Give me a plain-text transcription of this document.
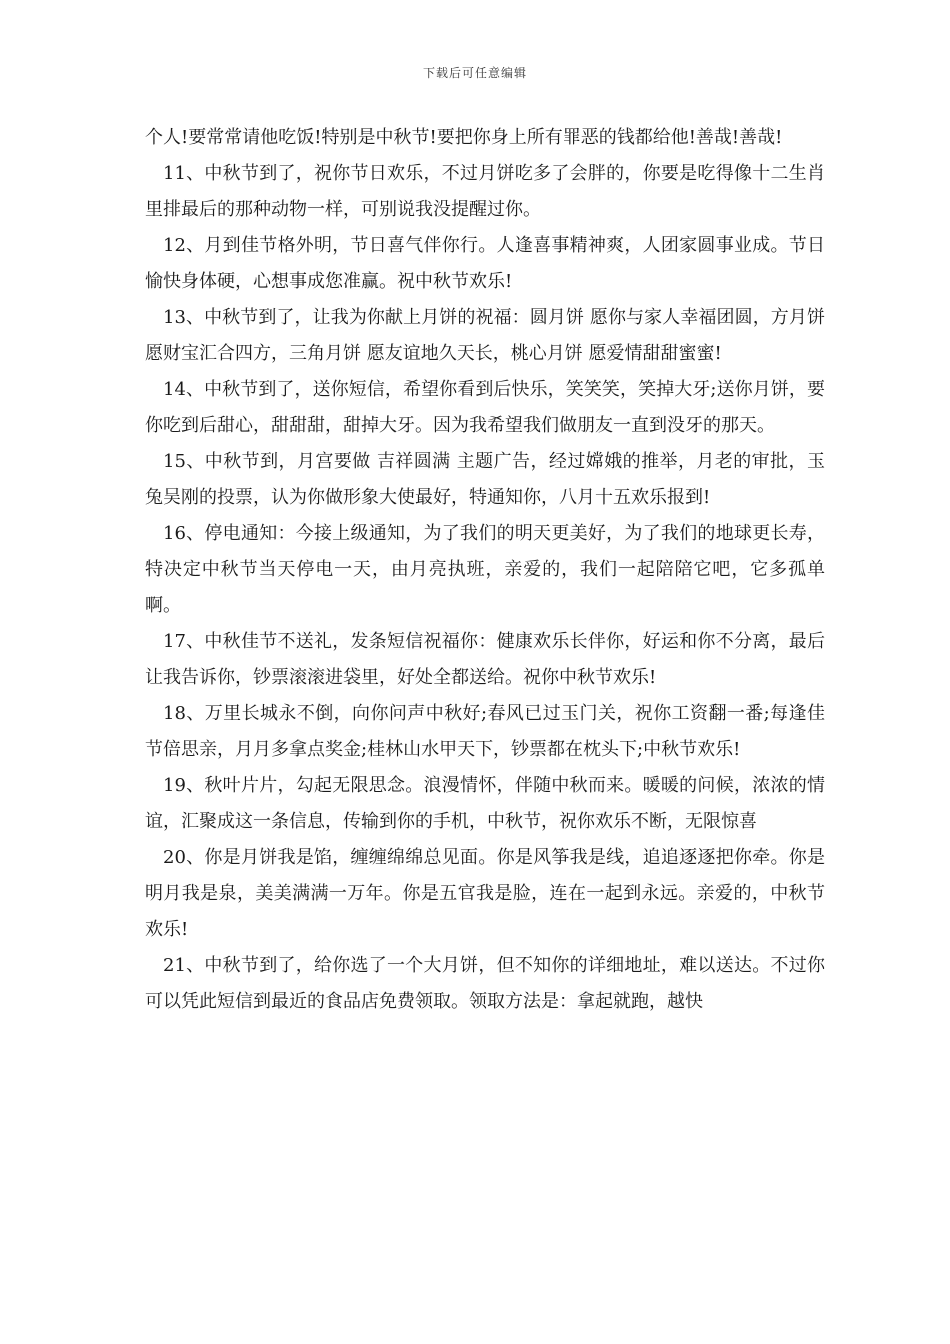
下载后可任意编辑

个人!要常常请他吃饭!特别是中秋节!要把你身上所有罪恶的钱都给他!善哉!善哉!

11、中秋节到了，祝你节日欢乐，不过月饼吃多了会胖的，你要是吃得像十二生肖里排最后的那种动物一样，可别说我没提醒过你。

12、月到佳节格外明，节日喜气伴你行。人逢喜事精神爽，人团家圆事业成。节日愉快身体硬，心想事成您准赢。祝中秋节欢乐!

13、中秋节到了，让我为你献上月饼的祝福：圆月饼 愿你与家人幸福团圆，方月饼 愿财宝汇合四方，三角月饼 愿友谊地久天长，桃心月饼 愿爱情甜甜蜜蜜!

14、中秋节到了，送你短信，希望你看到后快乐，笑笑笑，笑掉大牙;送你月饼，要你吃到后甜心，甜甜甜，甜掉大牙。因为我希望我们做朋友一直到没牙的那天。

15、中秋节到，月宫要做 吉祥圆满 主题广告，经过嫦娥的推举，月老的审批，玉兔吴刚的投票，认为你做形象大使最好，特通知你，八月十五欢乐报到!

16、停电通知：今接上级通知，为了我们的明天更美好，为了我们的地球更长寿，特决定中秋节当天停电一天，由月亮执班，亲爱的，我们一起陪陪它吧，它多孤单啊。

17、中秋佳节不送礼，发条短信祝福你：健康欢乐长伴你，好运和你不分离，最后让我告诉你，钞票滚滚进袋里，好处全都送给。祝你中秋节欢乐!

18、万里长城永不倒，向你问声中秋好;春风已过玉门关，祝你工资翻一番;每逢佳节倍思亲，月月多拿点奖金;桂林山水甲天下，钞票都在枕头下;中秋节欢乐!

19、秋叶片片，勾起无限思念。浪漫情怀，伴随中秋而来。暖暖的问候，浓浓的情谊，汇聚成这一条信息，传输到你的手机，中秋节，祝你欢乐不断，无限惊喜

20、你是月饼我是馅，缠缠绵绵总见面。你是风筝我是线，追追逐逐把你牵。你是明月我是泉，美美满满一万年。你是五官我是脸，连在一起到永远。亲爱的，中秋节欢乐!

21、中秋节到了，给你选了一个大月饼，但不知你的详细地址，难以送达。不过你可以凭此短信到最近的食品店免费领取。领取方法是：拿起就跑，越快
